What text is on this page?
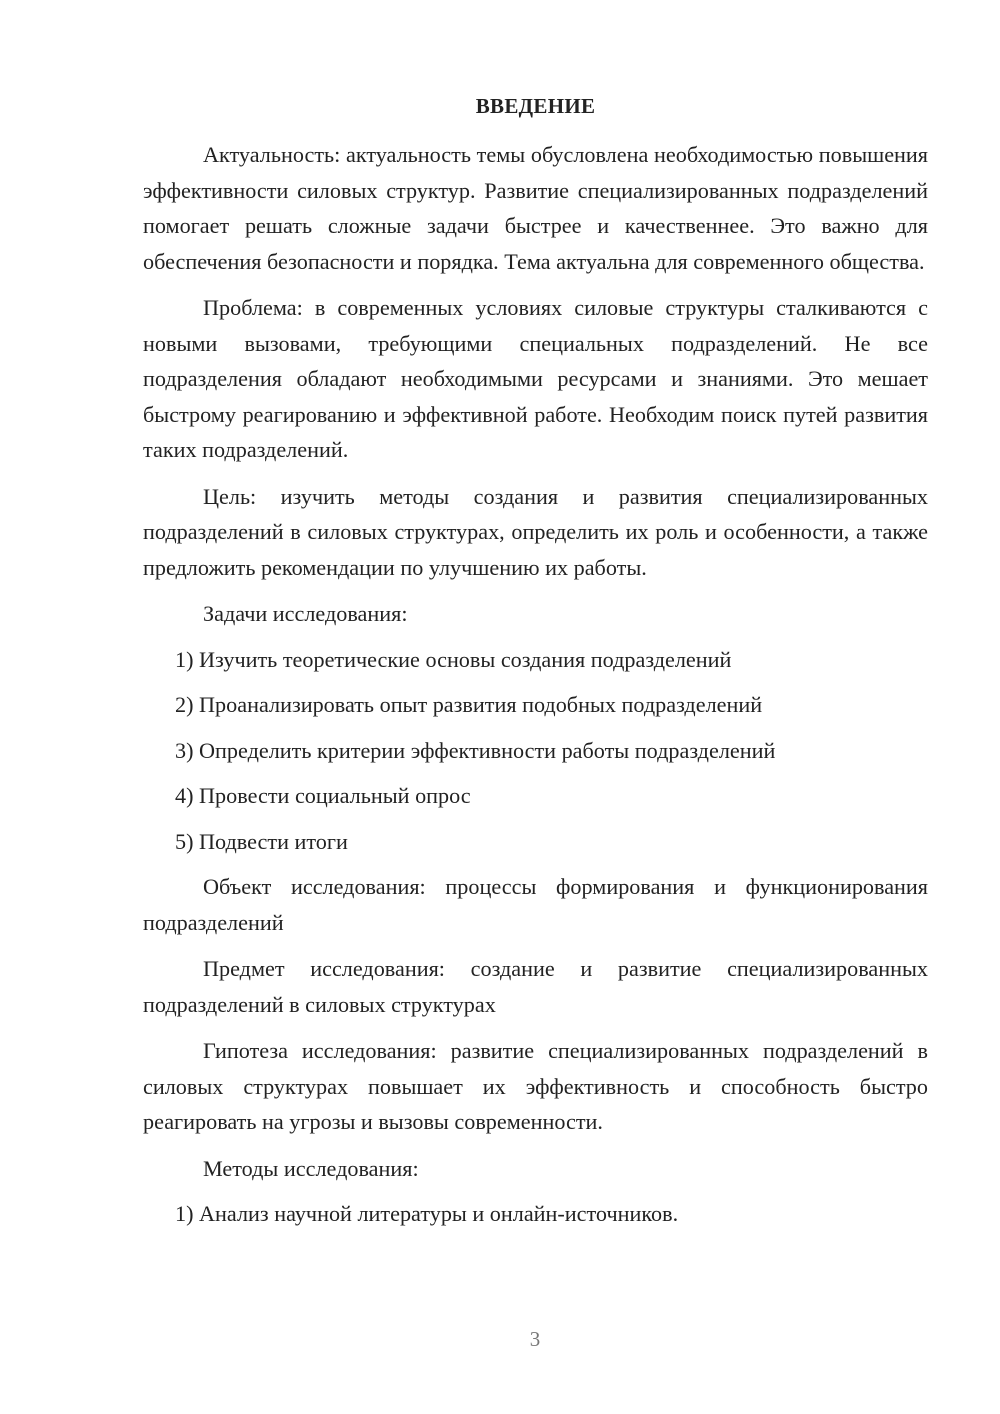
ВВЕДЕНИЕ

Актуальность: актуальность темы обусловлена необходимостью повышения эффективности силовых структур. Развитие специализированных подразделений помогает решать сложные задачи быстрее и качественнее. Это важно для обеспечения безопасности и порядка. Тема актуальна для современного общества.

Проблема: в современных условиях силовые структуры сталкиваются с новыми вызовами, требующими специальных подразделений. Не все подразделения обладают необходимыми ресурсами и знаниями. Это мешает быстрому реагированию и эффективной работе. Необходим поиск путей развития таких подразделений.

Цель: изучить методы создания и развития специализированных подразделений в силовых структурах, определить их роль и особенности, а также предложить рекомендации по улучшению их работы.

Задачи исследования:

1) Изучить теоретические основы создания подразделений

2) Проанализировать опыт развития подобных подразделений

3) Определить критерии эффективности работы подразделений

4) Провести социальный опрос

5) Подвести итоги

Объект исследования: процессы формирования и функционирования подразделений

Предмет исследования: создание и развитие специализированных подразделений в силовых структурах

Гипотеза исследования: развитие специализированных подразделений в силовых структурах повышает их эффективность и способность быстро реагировать на угрозы и вызовы современности.

Методы исследования:

1) Анализ научной литературы и онлайн-источников.

3
